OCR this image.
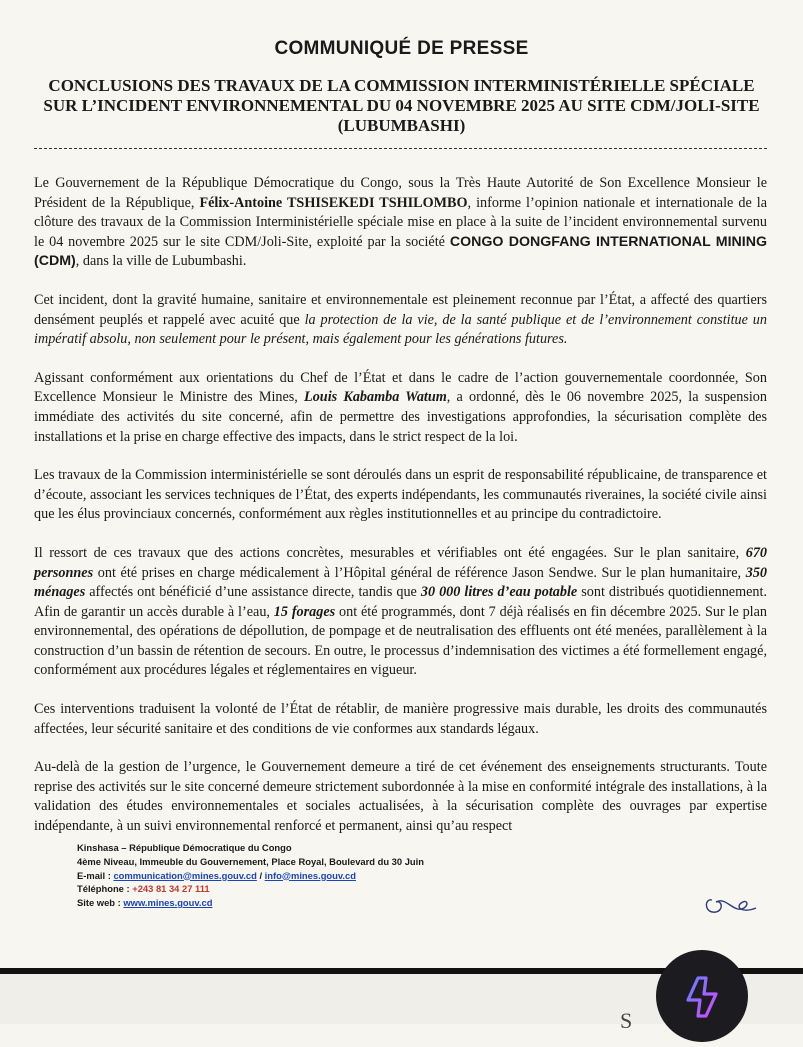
COMMUNIQUÉ DE PRESSE
CONCLUSIONS DES TRAVAUX DE LA COMMISSION INTERMINISTÉRIELLE SPÉCIALE SUR L’INCIDENT ENVIRONNEMENTAL DU 04 NOVEMBRE 2025 AU SITE CDM/JOLI-SITE (LUBUMBASHI)

Le Gouvernement de la République Démocratique du Congo, sous la Très Haute Autorité de Son Excellence Monsieur le Président de la République, Félix-Antoine TSHISEKEDI TSHILOMBO, informe l’opinion nationale et internationale de la clôture des travaux de la Commission Interministérielle spéciale mise en place à la suite de l’incident environnemental survenu le 04 novembre 2025 sur le site CDM/Joli-Site, exploité par la société CONGO DONGFANG INTERNATIONAL MINING (CDM), dans la ville de Lubumbashi.

Cet incident, dont la gravité humaine, sanitaire et environnementale est pleinement reconnue par l’État, a affecté des quartiers densément peuplés et rappelé avec acuité que la protection de la vie, de la santé publique et de l’environnement constitue un impératif absolu, non seulement pour le présent, mais également pour les générations futures.

Agissant conformément aux orientations du Chef de l’État et dans le cadre de l’action gouvernementale coordonnée, Son Excellence Monsieur le Ministre des Mines, Louis Kabamba Watum, a ordonné, dès le 06 novembre 2025, la suspension immédiate des activités du site concerné, afin de permettre des investigations approfondies, la sécurisation complète des installations et la prise en charge effective des impacts, dans le strict respect de la loi.

Les travaux de la Commission interministérielle se sont déroulés dans un esprit de responsabilité républicaine, de transparence et d’écoute, associant les services techniques de l’État, des experts indépendants, les communautés riveraines, la société civile ainsi que les élus provinciaux concernés, conformément aux règles institutionnelles et au principe du contradictoire.

Il ressort de ces travaux que des actions concrètes, mesurables et vérifiables ont été engagées. Sur le plan sanitaire, 670 personnes ont été prises en charge médicalement à l’Hôpital général de référence Jason Sendwe. Sur le plan humanitaire, 350 ménages affectés ont bénéficié d’une assistance directe, tandis que 30 000 litres d’eau potable sont distribués quotidiennement. Afin de garantir un accès durable à l’eau, 15 forages ont été programmés, dont 7 déjà réalisés en fin décembre 2025. Sur le plan environnemental, des opérations de dépollution, de pompage et de neutralisation des effluents ont été menées, parallèlement à la construction d’un bassin de rétention de secours. En outre, le processus d’indemnisation des victimes a été formellement engagé, conformément aux procédures légales et réglementaires en vigueur.

Ces interventions traduisent la volonté de l’État de rétablir, de manière progressive mais durable, les droits des communautés affectées, leur sécurité sanitaire et des conditions de vie conformes aux standards légaux.

Au-delà de la gestion de l’urgence, le Gouvernement demeure a tiré de cet événement des enseignements structurants. Toute reprise des activités sur le site concerné demeure strictement subordonnée à la mise en conformité intégrale des installations, à la validation des études environnementales et sociales actualisées, à la sécurisation complète des ouvrages par expertise indépendante, à un suivi environnemental renforcé et permanent, ainsi qu’au respect

Kinshasa – République Démocratique du Congo
4ème Niveau, Immeuble du Gouvernement, Place Royal, Boulevard du 30 Juin
E-mail : communication@mines.gouv.cd / info@mines.gouv.cd
Téléphone : +243 81 34 27 111
Site web : www.mines.gouv.cd
S
